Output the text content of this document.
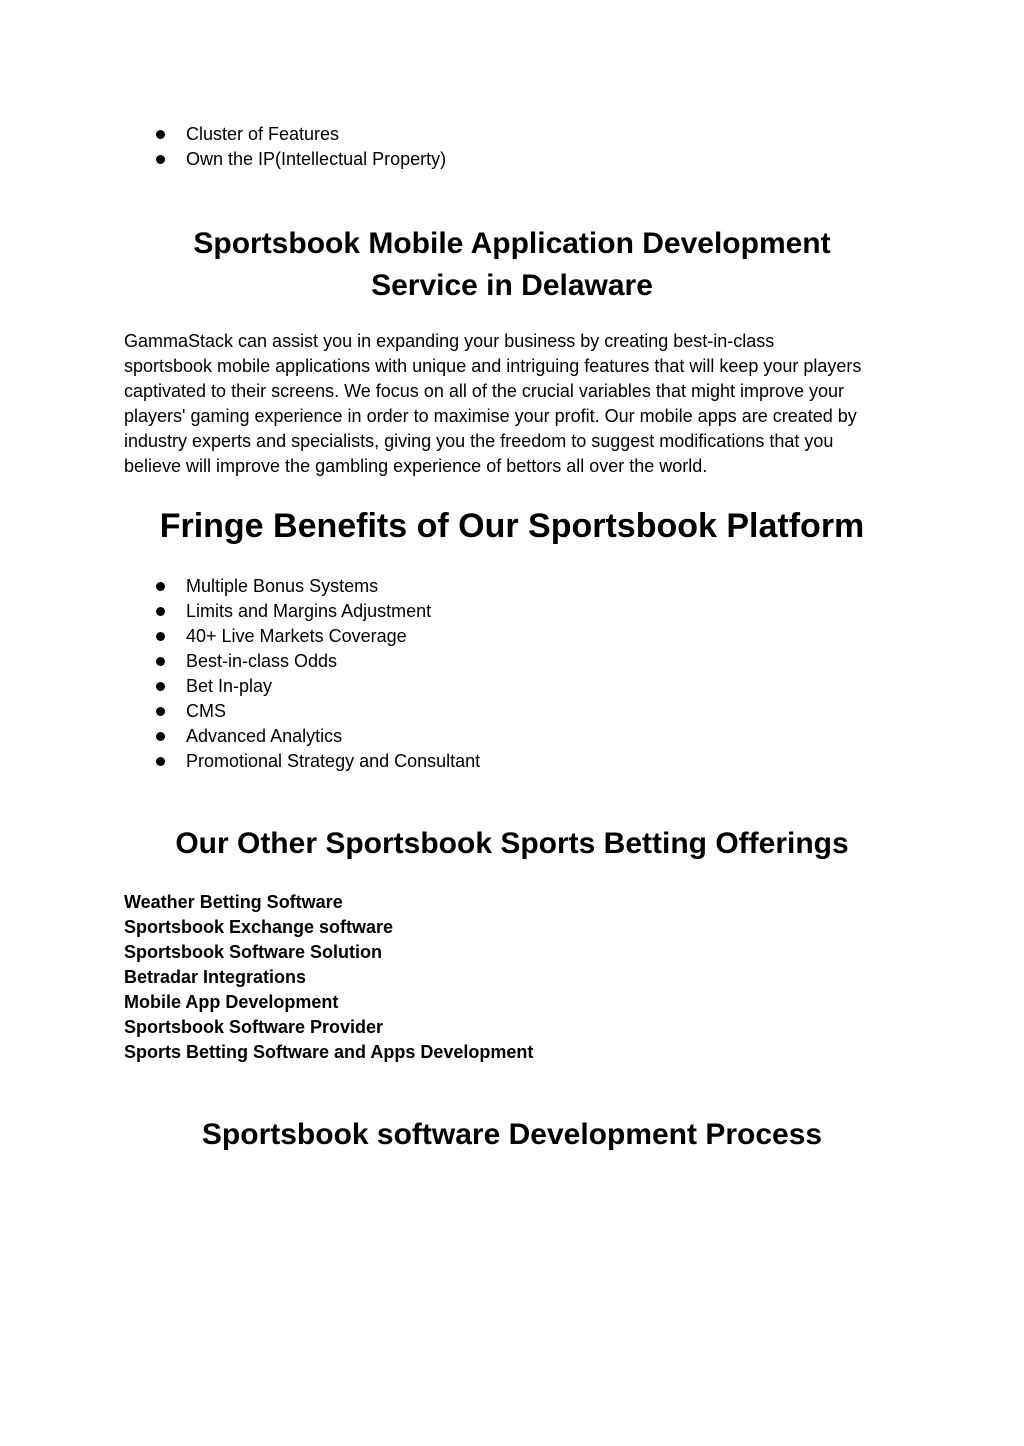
Cluster of Features
Own the IP(Intellectual Property)
Sportsbook Mobile Application Development
Service in Delaware

GammaStack can assist you in expanding your business by creating best-in-class
sportsbook mobile applications with unique and intriguing features that will keep your players
captivated to their screens. We focus on all of the crucial variables that might improve your
players' gaming experience in order to maximise your profit. Our mobile apps are created by
industry experts and specialists, giving you the freedom to suggest modifications that you
believe will improve the gambling experience of bettors all over the world.

Fringe Benefits of Our Sportsbook Platform
Multiple Bonus Systems
Limits and Margins Adjustment
40+ Live Markets Coverage
Best-in-class Odds
Bet In-play
CMS
Advanced Analytics
Promotional Strategy and Consultant
Our Other Sportsbook Sports Betting Offerings
Weather Betting Software
Sportsbook Exchange software
Sportsbook Software Solution
Betradar Integrations
Mobile App Development
Sportsbook Software Provider
Sports Betting Software and Apps Development
Sportsbook software Development Process
